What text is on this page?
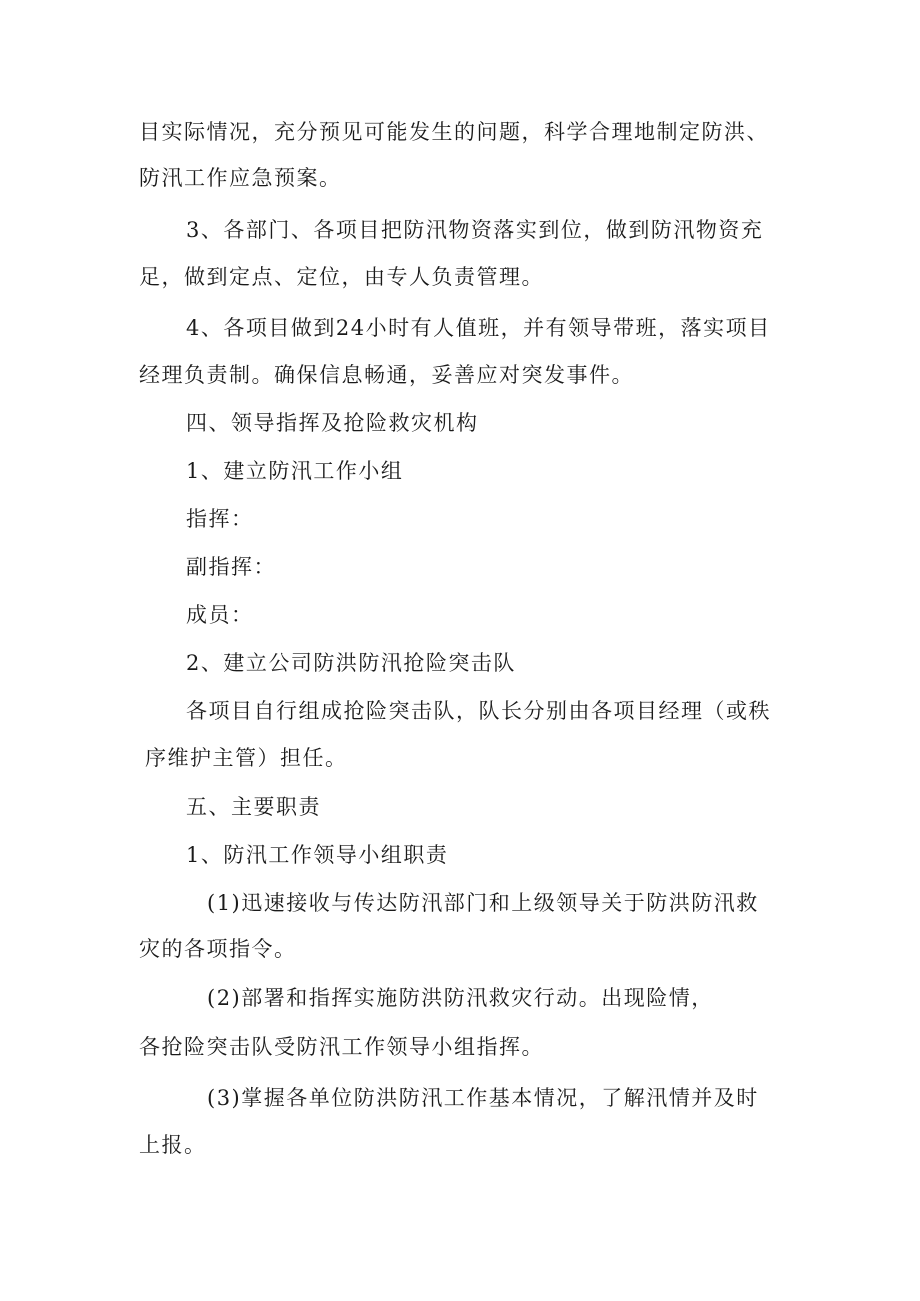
目实际情况，充分预见可能发生的问题，科学合理地制定防洪、
防汛工作应急预案。
3、各部门、各项目把防汛物资落实到位，做到防汛物资充
足，做到定点、定位，由专人负责管理。
4、各项目做到24小时有人值班，并有领导带班，落实项目
经理负责制。确保信息畅通，妥善应对突发事件。
四、领导指挥及抢险救灾机构
1、建立防汛工作小组
指挥：
副指挥：
成员：
2、建立公司防洪防汛抢险突击队
各项目自行组成抢险突击队，队长分别由各项目经理（或秩
序维护主管）担任。
五、主要职责
1、防汛工作领导小组职责
(1)迅速接收与传达防汛部门和上级领导关于防洪防汛救
灾的各项指令。
(2)部署和指挥实施防洪防汛救灾行动。出现险情，
各抢险突击队受防汛工作领导小组指挥。
(3)掌握各单位防洪防汛工作基本情况，了解汛情并及时
上报。
